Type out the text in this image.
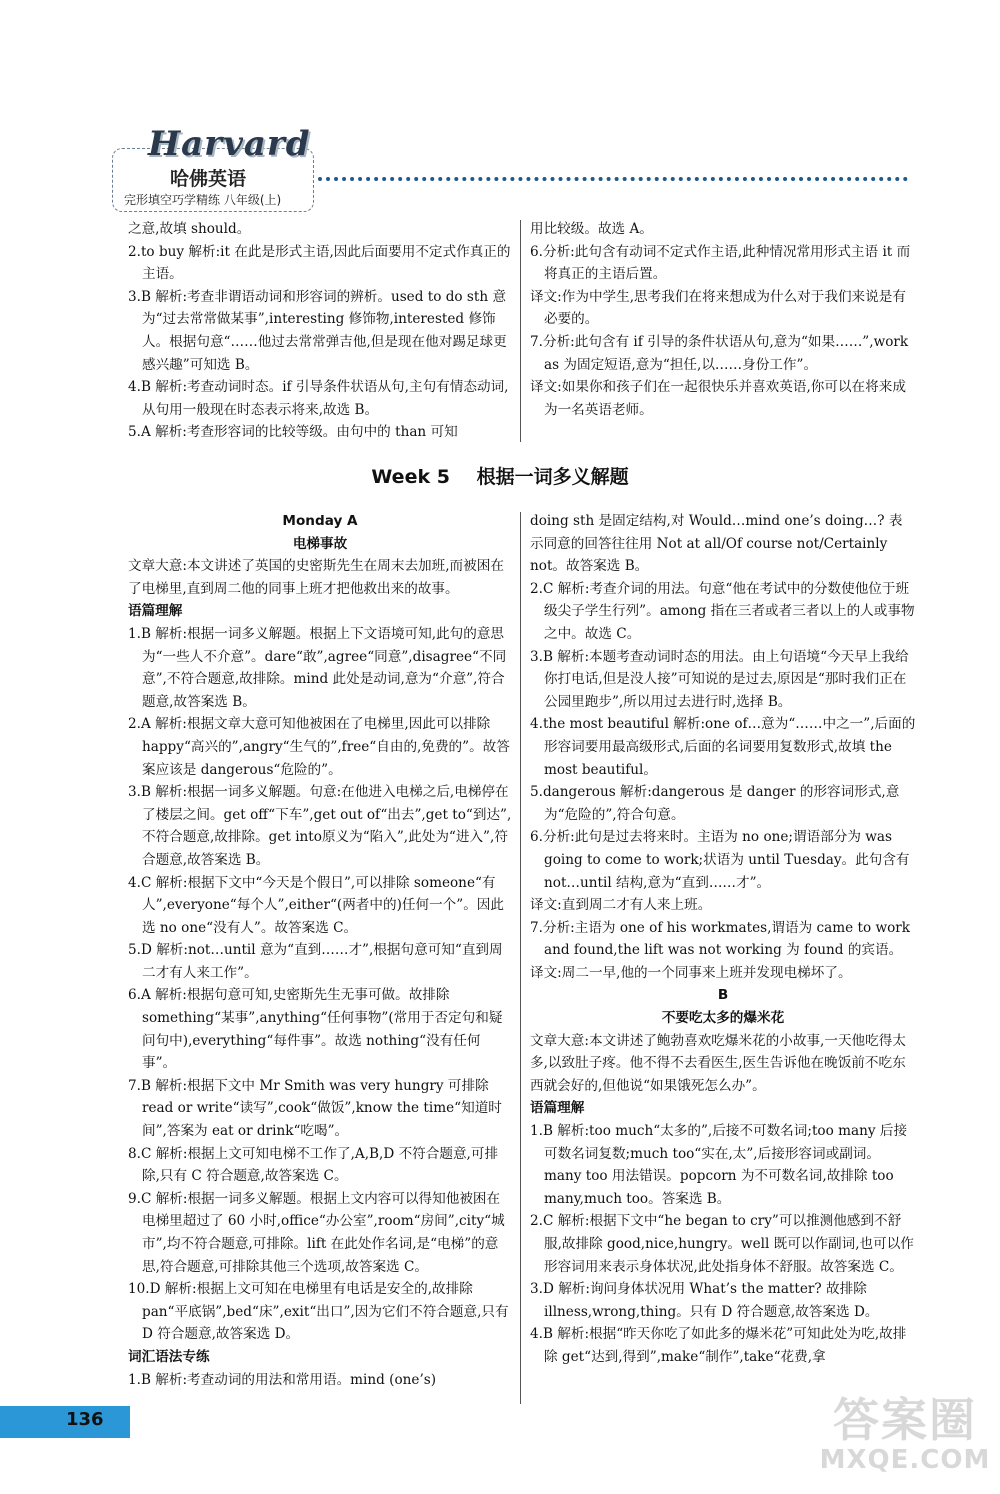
Harvard
哈佛英语
完形填空巧学精练 八年级(上)

之意,故填 should。

2.to buy 解析:it 在此是形式主语,因此后面要用不定式作真正的主语。

3.B 解析:考查非谓语动词和形容词的辨析。used to do sth 意为“过去常常做某事”,interesting 修饰物,interested 修饰人。根据句意“……他过去常常弹吉他,但是现在他对踢足球更感兴趣”可知选 B。

4.B 解析:考查动词时态。if 引导条件状语从句,主句有情态动词,从句用一般现在时态表示将来,故选 B。

5.A 解析:考查形容词的比较等级。由句中的 than 可知

用比较级。故选 A。

6.分析:此句含有动词不定式作主语,此种情况常用形式主语 it 而将真正的主语后置。

译文:作为中学生,思考我们在将来想成为什么对于我们来说是有必要的。

7.分析:此句含有 if 引导的条件状语从句,意为“如果……”,work as 为固定短语,意为“担任,以……身份工作”。

译文:如果你和孩子们在一起很快乐并喜欢英语,你可以在将来成为一名英语老师。

Week 5 根据一词多义解题

Monday A

电梯事故

文章大意:本文讲述了英国的史密斯先生在周末去加班,而被困在了电梯里,直到周二他的同事上班才把他救出来的故事。

语篇理解

1.B 解析:根据一词多义解题。根据上下文语境可知,此句的意思为“一些人不介意”。dare“敢”,agree“同意”,disagree“不同意”,不符合题意,故排除。mind 此处是动词,意为“介意”,符合题意,故答案选 B。

2.A 解析:根据文章大意可知他被困在了电梯里,因此可以排除 happy“高兴的”,angry“生气的”,free“自由的,免费的”。故答案应该是 dangerous“危险的”。

3.B 解析:根据一词多义解题。句意:在他进入电梯之后,电梯停在了楼层之间。get off“下车”,get out of“出去”,get to“到达”,不符合题意,故排除。get into原义为“陷入”,此处为“进入”,符合题意,故答案选 B。

4.C 解析:根据下文中“今天是个假日”,可以排除 someone“有人”,everyone“每个人”,either“(两者中的)任何一个”。因此选 no one“没有人”。故答案选 C。

5.D 解析:not…until 意为“直到……才”,根据句意可知“直到周二才有人来工作”。

6.A 解析:根据句意可知,史密斯先生无事可做。故排除 something“某事”,anything“任何事物”(常用于否定句和疑问句中),everything“每件事”。故选 nothing“没有任何事”。

7.B 解析:根据下文中 Mr Smith was very hungry 可排除 read or write“读写”,cook“做饭”,know the time“知道时间”,答案为 eat or drink“吃喝”。

8.C 解析:根据上文可知电梯不工作了,A,B,D 不符合题意,可排除,只有 C 符合题意,故答案选 C。

9.C 解析:根据一词多义解题。根据上文内容可以得知他被困在电梯里超过了 60 小时,office“办公室”,room“房间”,city“城市”,均不符合题意,可排除。lift 在此处作名词,是“电梯”的意思,符合题意,可排除其他三个选项,故答案选 C。

10.D 解析:根据上文可知在电梯里有电话是安全的,故排除 pan“平底锅”,bed“床”,exit“出口”,因为它们不符合题意,只有 D 符合题意,故答案选 D。

词汇语法专练

1.B 解析:考查动词的用法和常用语。mind (one’s)

doing sth 是固定结构,对 Would…mind one’s doing…? 表示同意的回答往往用 Not at all/Of course not/Certainly not。故答案选 B。

2.C 解析:考查介词的用法。句意“他在考试中的分数使他位于班级尖子学生行列”。among 指在三者或者三者以上的人或事物之中。故选 C。

3.B 解析:本题考查动词时态的用法。由上句语境“今天早上我给你打电话,但是没人接”可知说的是过去,原因是“那时我们正在公园里跑步”,所以用过去进行时,选择 B。

4.the most beautiful 解析:one of…意为“……中之一”,后面的形容词要用最高级形式,后面的名词要用复数形式,故填 the most beautiful。

5.dangerous 解析:dangerous 是 danger 的形容词形式,意为“危险的”,符合句意。

6.分析:此句是过去将来时。主语为 no one;谓语部分为 was going to come to work;状语为 until Tuesday。此句含有 not…until 结构,意为“直到……才”。

译文:直到周二才有人来上班。

7.分析:主语为 one of his workmates,谓语为 came to work and found,the lift was not working 为 found 的宾语。

译文:周二一早,他的一个同事来上班并发现电梯坏了。

B

不要吃太多的爆米花

文章大意:本文讲述了鲍勃喜欢吃爆米花的小故事,一天他吃得太多,以致肚子疼。他不得不去看医生,医生告诉他在晚饭前不吃东西就会好的,但他说“如果饿死怎么办”。

语篇理解

1.B 解析:too much“太多的”,后接不可数名词;too many 后接可数名词复数;much too“实在,太”,后接形容词或副词。many too 用法错误。popcorn 为不可数名词,故排除 too many,much too。答案选 B。

2.C 解析:根据下文中“he began to cry”可以推测他感到不舒服,故排除 good,nice,hungry。well 既可以作副词,也可以作形容词用来表示身体状况,此处指身体不舒服。故答案选 C。

3.D 解析:询问身体状况用 What’s the matter? 故排除 illness,wrong,thing。只有 D 符合题意,故答案选 D。

4.B 解析:根据“昨天你吃了如此多的爆米花”可知此处为吃,故排除 get“达到,得到”,make“制作”,take“花费,拿

136	答案圈
MXQE.COM
